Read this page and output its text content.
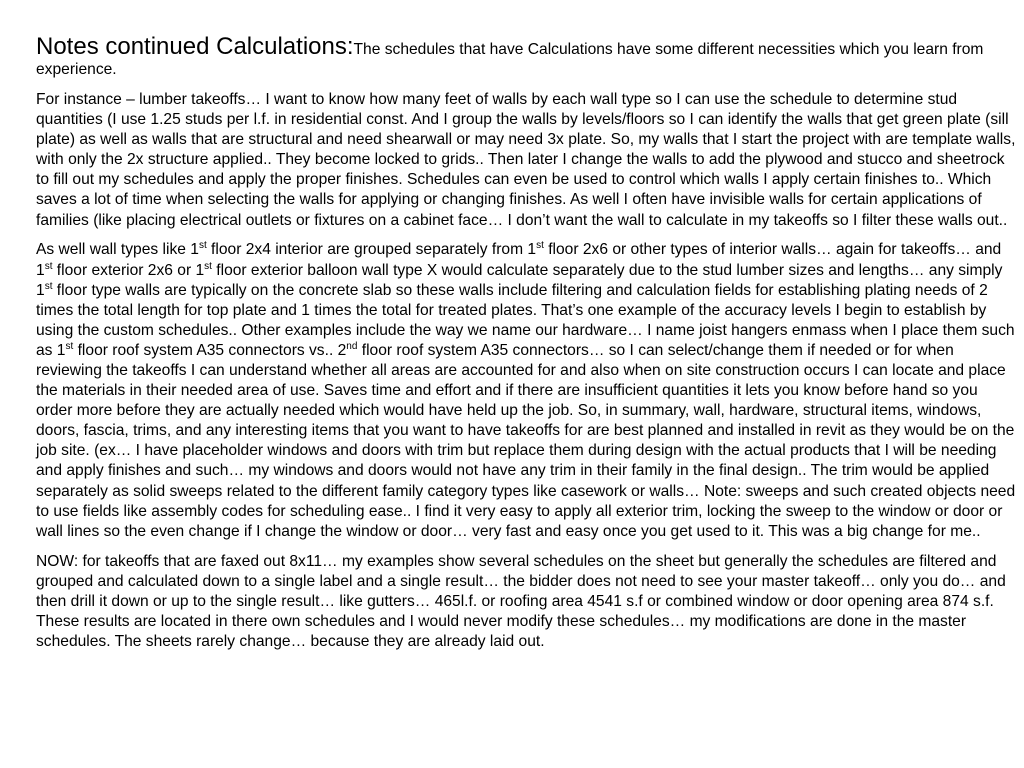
Notes continued Calculations:The schedules that have Calculations have some different necessities which you learn from experience.

For instance – lumber takeoffs… I want to know how many feet of walls by each wall type so I can use the schedule to determine stud quantities (I use 1.25 studs per l.f. in residential const. And I group the walls by levels/floors so I can identify the walls that get green plate (sill plate) as well as walls that are structural and need shearwall or may need 3x plate. So, my walls that I start the project with are template walls, with only the 2x structure applied.. They become locked to grids.. Then later I change the walls to add the plywood and stucco and sheetrock to fill out my schedules and apply the proper finishes. Schedules can even be used to control which walls I apply certain finishes to.. Which saves a lot of time when selecting the walls for applying or changing finishes. As well I often have invisible walls for certain applications of families (like placing electrical outlets or fixtures on a cabinet face… I don’t want the wall to calculate in my takeoffs so I filter these walls out..

As well wall types like 1st floor 2x4 interior are grouped separately from 1st floor 2x6 or other types of interior walls… again for takeoffs… and 1st floor exterior 2x6 or 1st floor exterior balloon wall type X would calculate separately due to the stud lumber sizes and lengths… any simply 1st floor type walls are typically on the concrete slab so these walls include filtering and calculation fields for establishing plating needs of 2 times the total length for top plate and 1 times the total for treated plates. That’s one example of the accuracy levels I begin to establish by using the custom schedules.. Other examples include the way we name our hardware… I name joist hangers enmass when I place them such as 1st floor roof system A35 connectors vs.. 2nd floor roof system A35 connectors… so I can select/change them if needed or for when reviewing the takeoffs I can understand whether all areas are accounted for and also when on site construction occurs I can locate and place the materials in their needed area of use. Saves time and effort and if there are insufficient quantities it lets you know before hand so you order more before they are actually needed which would have held up the job. So, in summary, wall, hardware, structural items, windows, doors, fascia, trims, and any interesting items that you want to have takeoffs for are best planned and installed in revit as they would be on the job site. (ex… I have placeholder windows and doors with trim but replace them during design with the actual products that I will be needing and apply finishes and such… my windows and doors would not have any trim in their family in the final design.. The trim would be applied separately as solid sweeps related to the different family category types like casework or walls… Note: sweeps and such created objects need to use fields like assembly codes for scheduling ease.. I find it very easy to apply all exterior trim, locking the sweep to the window or door or wall lines so the even change if I change the window or door… very fast and easy once you get used to it. This was a big change for me..

NOW: for takeoffs that are faxed out 8x11… my examples show several schedules on the sheet but generally the schedules are filtered and grouped and calculated down to a single label and a single result… the bidder does not need to see your master takeoff… only you do… and then drill it down or up to the single result… like gutters… 465l.f. or roofing area 4541 s.f or combined window or door opening area 874 s.f. These results are located in there own schedules and I would never modify these schedules… my modifications are done in the master schedules. The sheets rarely change… because they are already laid out.
